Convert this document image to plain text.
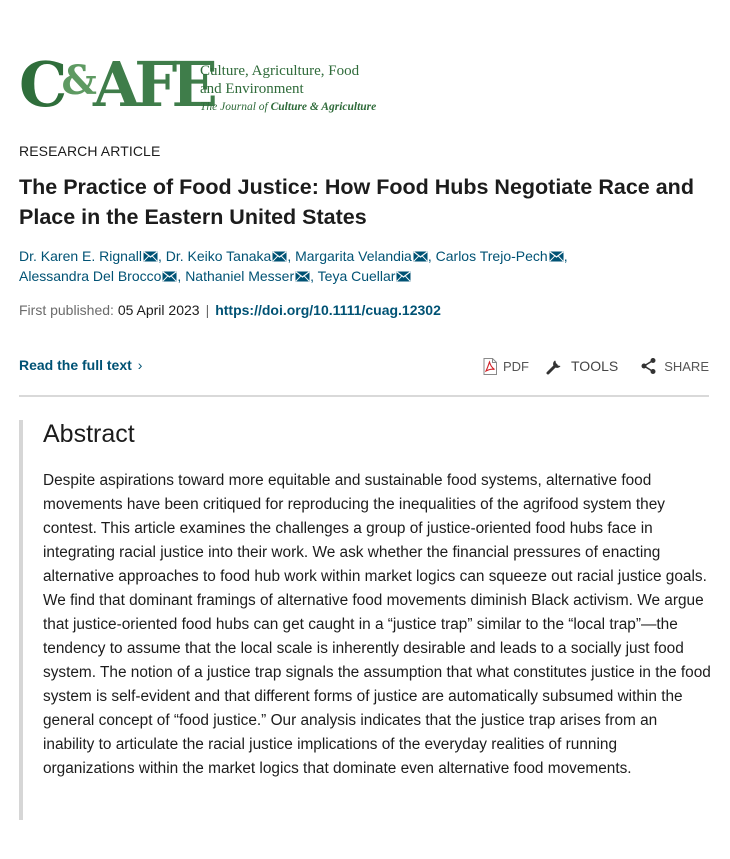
C&AFE
Culture, Agriculture, Food
and Environment
The Journal of Culture & Agriculture
RESEARCH ARTICLE
The Practice of Food Justice: How Food Hubs Negotiate Race and Place in the Eastern United States
Dr. Karen E. Rignall , Dr. Keiko Tanaka , Margarita Velandia , Carlos Trejo-Pech ,
Alessandra Del Brocco , Nathaniel Messer , Teya Cuellar
First published: 05 April 2023 | https://doi.org/10.1111/cuag.12302
Read the full text ›	PDF	TOOLS	SHARE
Abstract

Despite aspirations toward more equitable and sustainable food systems, alternative food movements have been critiqued for reproducing the inequalities of the agrifood system they contest. This article examines the challenges a group of justice-oriented food hubs face in integrating racial justice into their work. We ask whether the financial pressures of enacting alternative approaches to food hub work within market logics can squeeze out racial justice goals. We find that dominant framings of alternative food movements diminish Black activism. We argue that justice-oriented food hubs can get caught in a “justice trap” similar to the “local trap”—the tendency to assume that the local scale is inherently desirable and leads to a socially just food system. The notion of a justice trap signals the assumption that what constitutes justice in the food system is self-evident and that different forms of justice are automatically subsumed within the general concept of “food justice.” Our analysis indicates that the justice trap arises from an inability to articulate the racial justice implications of the everyday realities of running organizations within the market logics that dominate even alternative food movements.
